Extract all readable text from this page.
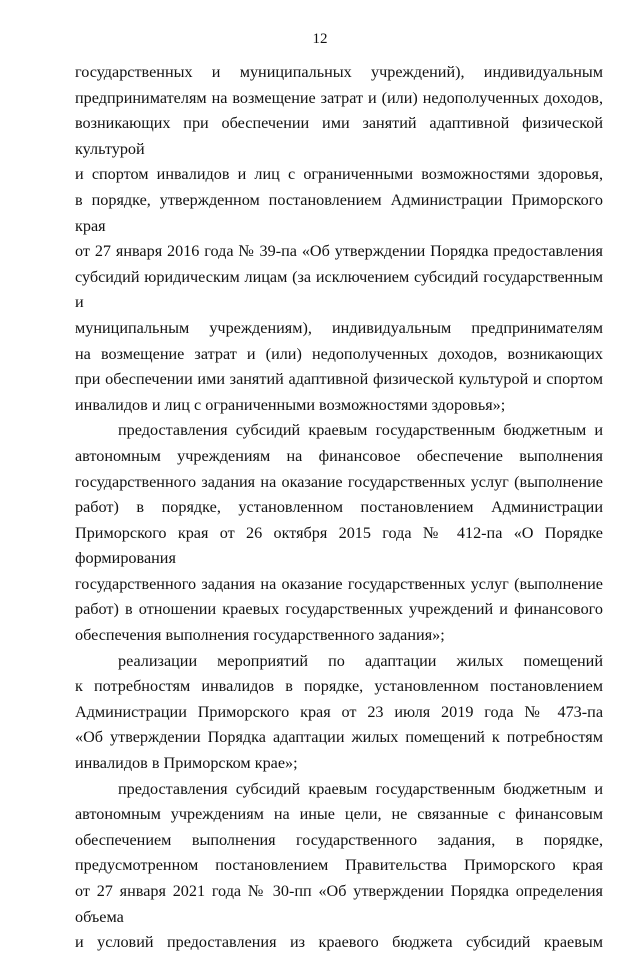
12

государственных и муниципальных учреждений), индивидуальным

предпринимателям на возмещение затрат и (или) недополученных доходов,

возникающих при обеспечении ими занятий адаптивной физической культурой

и спортом инвалидов и лиц с ограниченными возможностями здоровья,

в порядке, утвержденном постановлением Администрации Приморского края

от 27 января 2016 года № 39-па «Об утверждении Порядка предоставления

субсидий юридическим лицам (за исключением субсидий государственным и

муниципальным учреждениям), индивидуальным предпринимателям

на возмещение затрат и (или) недополученных доходов, возникающих

при обеспечении ими занятий адаптивной физической культурой и спортом

инвалидов и лиц с ограниченными возможностями здоровья»;

предоставления субсидий краевым государственным бюджетным и

автономным учреждениям на финансовое обеспечение выполнения

государственного задания на оказание государственных услуг (выполнение

работ) в порядке, установленном постановлением Администрации

Приморского края от 26 октября 2015 года № 412-па «О Порядке формирования

государственного задания на оказание государственных услуг (выполнение

работ) в отношении краевых государственных учреждений и финансового

обеспечения выполнения государственного задания»;

реализации мероприятий по адаптации жилых помещений

к потребностям инвалидов в порядке, установленном постановлением

Администрации Приморского края от 23 июля 2019 года № 473-па

«Об утверждении Порядка адаптации жилых помещений к потребностям

инвалидов в Приморском крае»;

предоставления субсидий краевым государственным бюджетным и

автономным учреждениям на иные цели, не связанные с финансовым

обеспечением выполнения государственного задания, в порядке,

предусмотренном постановлением Правительства Приморского края

от 27 января 2021 года № 30-пп «Об утверждении Порядка определения объема

и условий предоставления из краевого бюджета субсидий краевым
